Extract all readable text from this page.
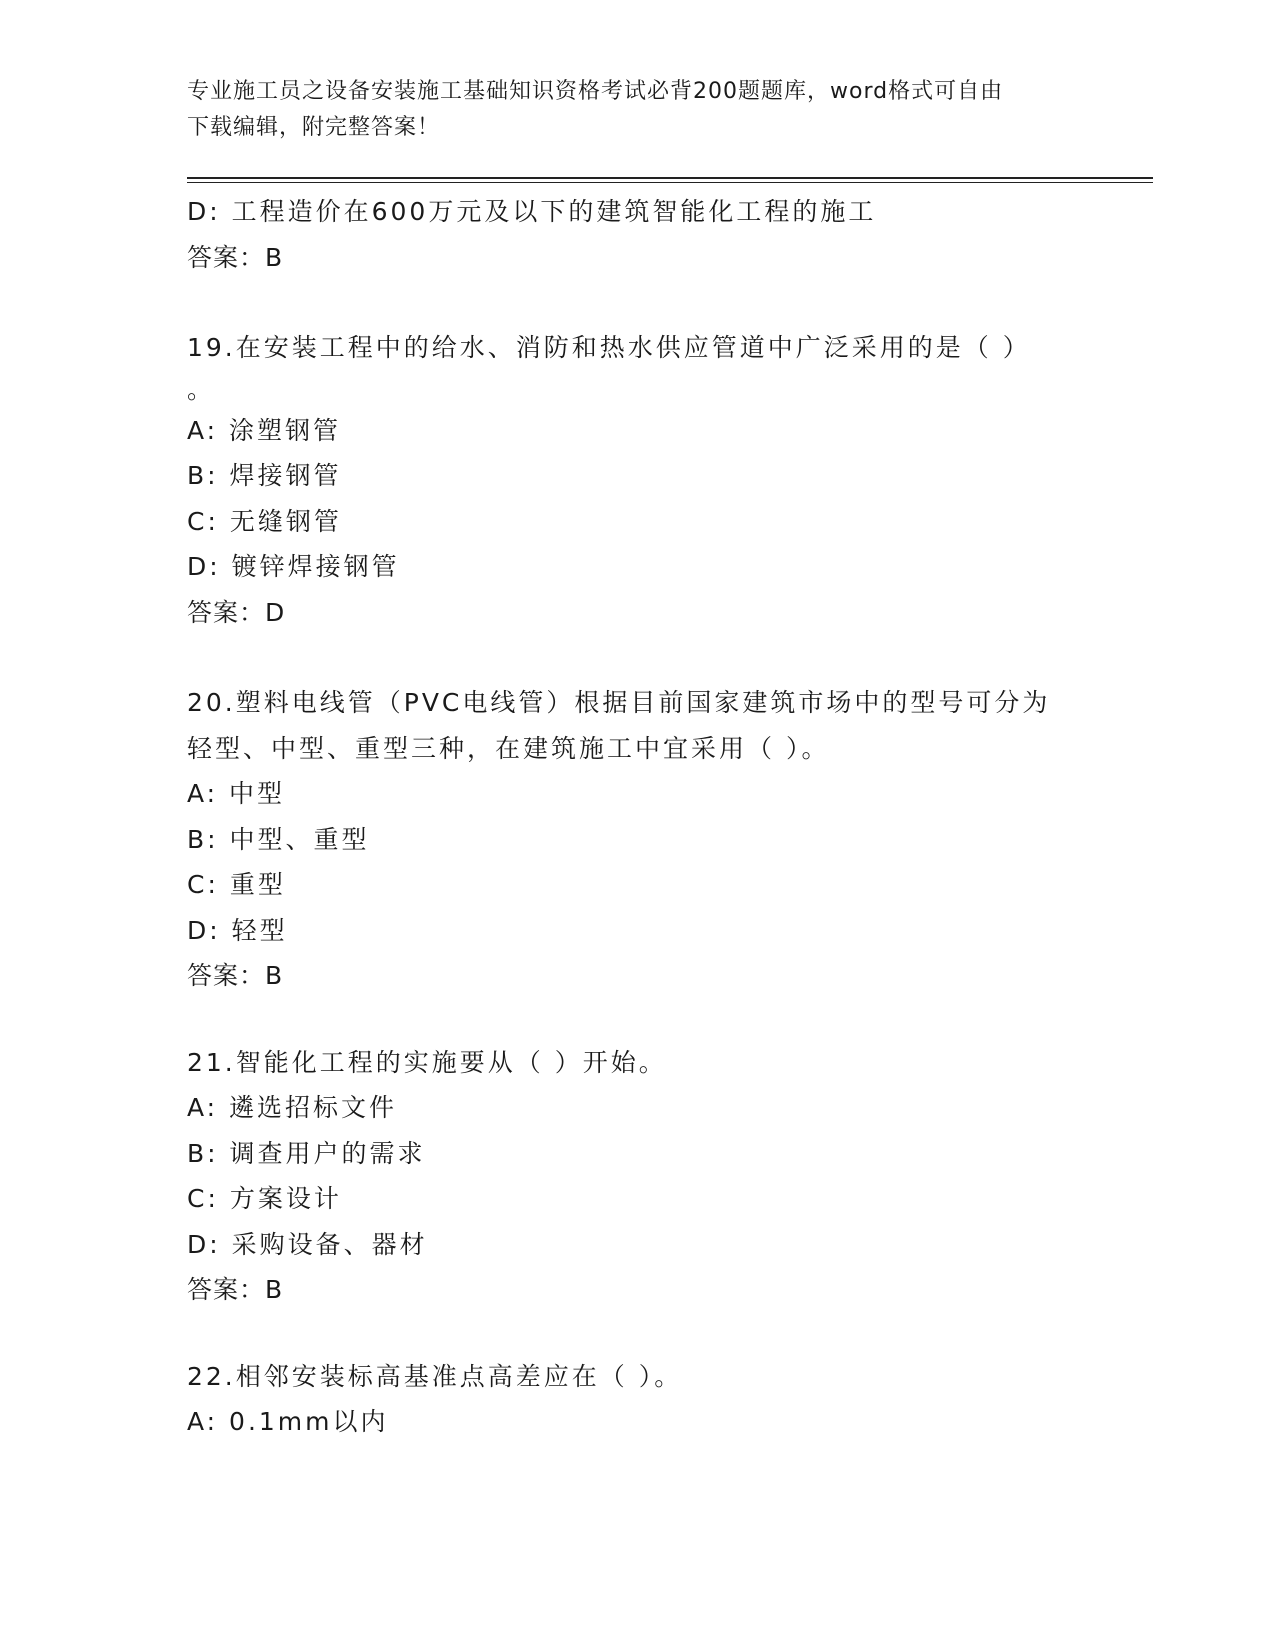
专业施工员之设备安装施工基础知识资格考试必背200题题库，word格式可自由
下载编辑，附完整答案！
D: 工程造价在600万元及以下的建筑智能化工程的施工
答案：B
19.在安装工程中的给水、消防和热水供应管道中广泛采用的是（ ）
。
A: 涂塑钢管
B: 焊接钢管
C: 无缝钢管
D: 镀锌焊接钢管
答案：D
20.塑料电线管（PVC电线管）根据目前国家建筑市场中的型号可分为
轻型、中型、重型三种，在建筑施工中宜采用（ ）。
A: 中型
B: 中型、重型
C: 重型
D: 轻型
答案：B
21.智能化工程的实施要从（ ）开始。
A: 遴选招标文件
B: 调查用户的需求
C: 方案设计
D: 采购设备、器材
答案：B
22.相邻安装标高基准点高差应在（ ）。
A: 0.1mm以内
